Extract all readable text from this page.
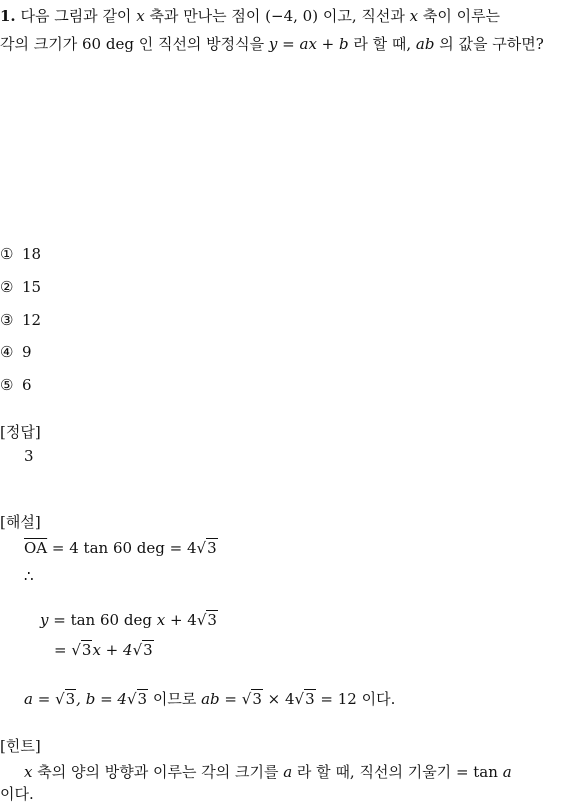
1. 다음 그림과 같이 x 축과 만나는 점이 (−4, 0) 이고, 직선과 x 축이 이루는
각의 크기가 60 deg 인 직선의 방정식을 y = ax + b 라 할 때, ab 의 값을 구하면?
① 18
② 15
③ 12
④ 9
⑤ 6
[정답]
3
[해설]
$\overline{OA} = 4$ tan 60 deg = 4√3
∴
y = tan 60 deg x + 4√3
= √3x + 4√3
a = √3, b = 4√3 이므로 ab = √3 × 4√3 = 12 이다.
[힌트]
x 축의 양의 방향과 이루는 각의 크기를 a 라 할 때, 직선의 기울기 = tan a
이다.
